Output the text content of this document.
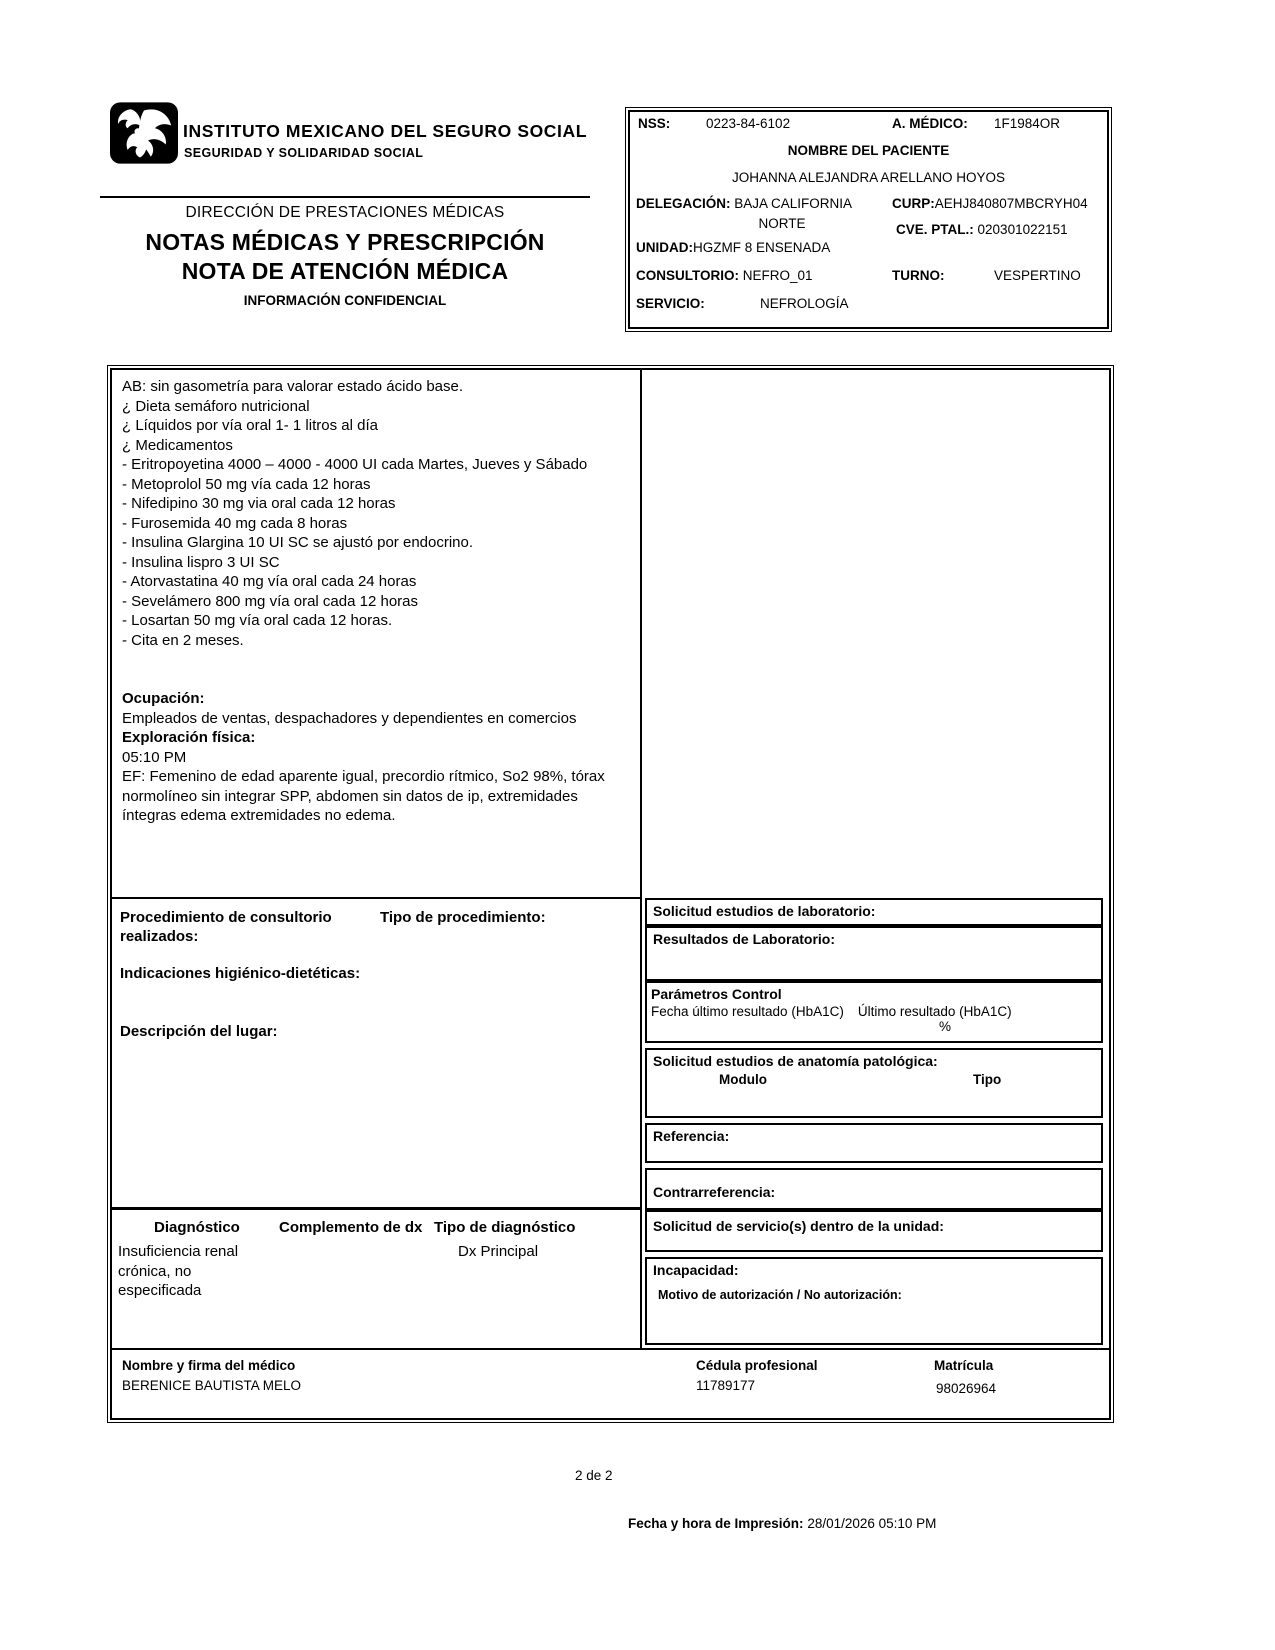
INSTITUTO MEXICANO DEL SEGURO SOCIAL
SEGURIDAD Y SOLIDARIDAD SOCIAL
DIRECCIÓN DE PRESTACIONES MÉDICAS
NOTAS MÉDICAS Y PRESCRIPCIÓN
NOTA DE ATENCIÓN MÉDICA
INFORMACIÓN CONFIDENCIAL
NSS:	0223-84-6102	A. MÉDICO: 1F1984OR
NOMBRE DEL PACIENTE
JOHANNA ALEJANDRA ARELLANO HOYOS
DELEGACIÓN: BAJA CALIFORNIA
NORTE
CURP:AEHJ840807MBCRYH04
CVE. PTAL.: 020301022151
UNIDAD:HGZMF 8 ENSENADA
CONSULTORIO: NEFRO_01	TURNO:	VESPERTINO
SERVICIO:	NEFROLOGÍA
AB: sin gasometría para valorar estado ácido base.
¿ Dieta semáforo nutricional
¿ Líquidos por vía oral 1- 1 litros al día
¿ Medicamentos
- Eritropoyetina 4000 – 4000 - 4000 UI cada Martes, Jueves y Sábado
- Metoprolol 50 mg vía cada 12 horas
- Nifedipino 30 mg via oral cada 12 horas
- Furosemida 40 mg cada 8 horas
- Insulina Glargina 10 UI SC se ajustó por endocrino.
- Insulina lispro 3 UI SC
- Atorvastatina 40 mg vía oral cada 24 horas
- Sevelámero 800 mg vía oral cada 12 horas
- Losartan 50 mg vía oral cada 12 horas.
- Cita en 2 meses.
Ocupación:
Empleados de ventas, despachadores y dependientes en comercios
Exploración física:
05:10 PM
EF: Femenino de edad aparente igual, precordio rítmico, So2 98%, tórax normolíneo sin integrar SPP, abdomen sin datos de ip, extremidades íntegras edema extremidades no edema.
Procedimiento de consultorio realizados:
Tipo de procedimiento:
Indicaciones higiénico-dietéticas:
Descripción del lugar:
Diagnóstico	Complemento de dx Tipo de diagnóstico
Insuficiencia renal crónica, no especificada
Dx Principal
Solicitud estudios de laboratorio:
Resultados de Laboratorio:
Parámetros Control
Fecha último resultado (HbA1C) Último resultado (HbA1C)
%
Solicitud estudios de anatomía patológica:
Modulo	Tipo
Referencia:
Contrarreferencia:
Solicitud de servicio(s) dentro de la unidad:
Incapacidad:
Motivo de autorización / No autorización:
Nombre y firma del médico
BERENICE BAUTISTA MELO
Cédula profesional
11789177
Matrícula
98026964
2 de 2
Fecha y hora de Impresión: 28/01/2026 05:10 PM
